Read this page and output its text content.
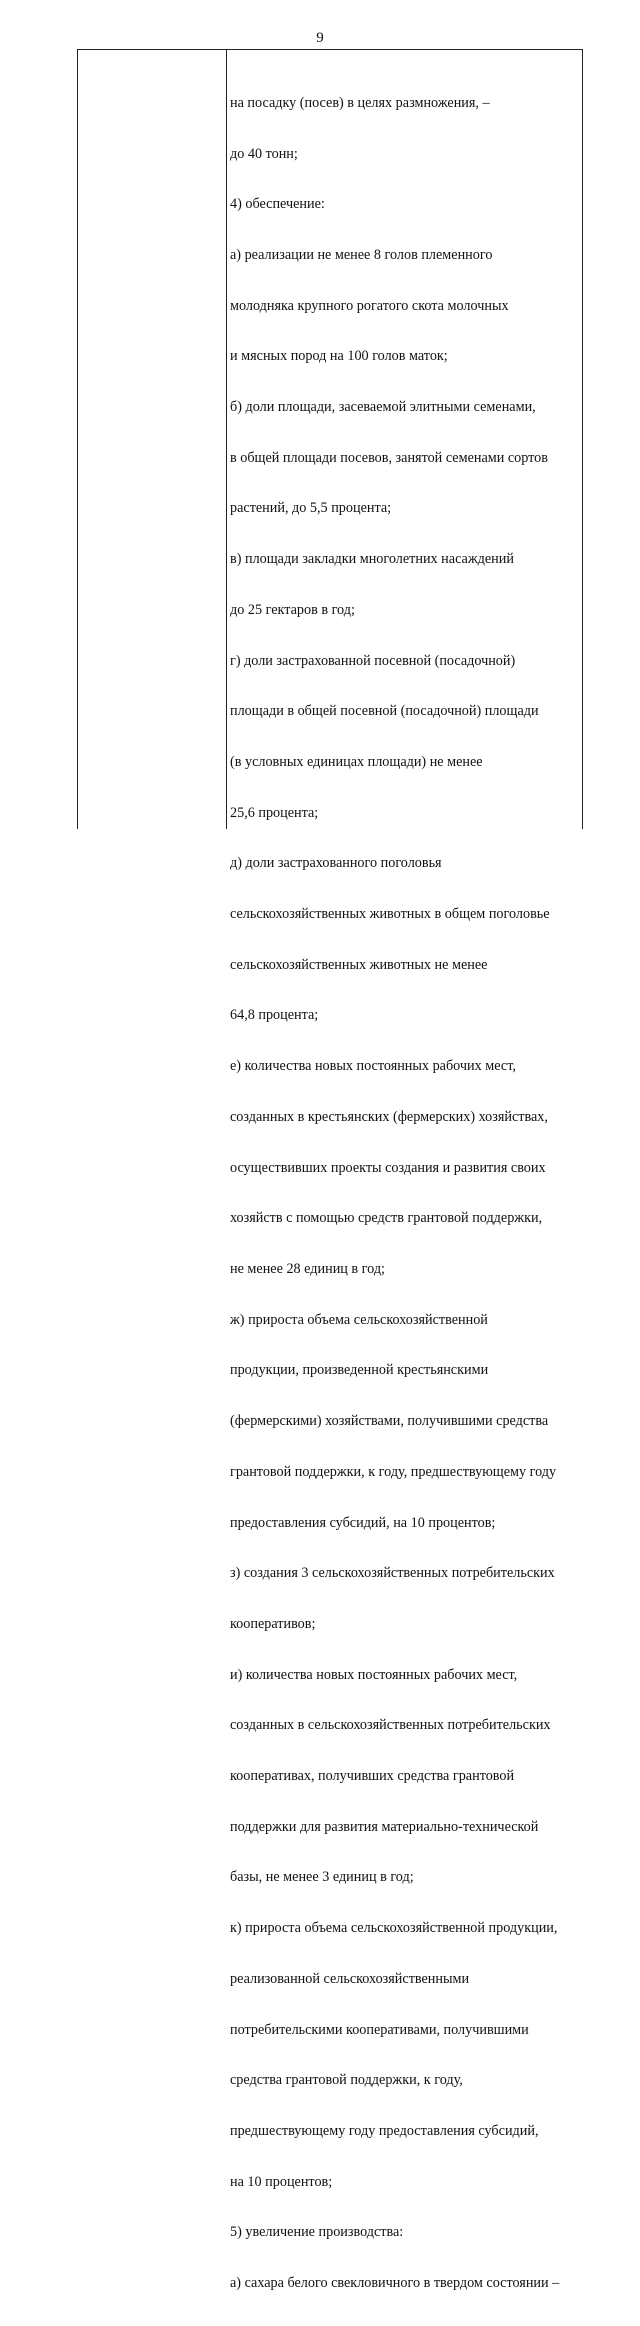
9

на посадку (посев) в целях размножения, –

до 40 тонн;

4) обеспечение:

а) реализации не менее 8 голов племенного

молодняка крупного рогатого скота молочных

и мясных пород на 100 голов маток;

б) доли площади, засеваемой элитными семенами,

в общей площади посевов, занятой семенами сортов

растений, до 5,5 процента;

в) площади закладки многолетних насаждений

до 25 гектаров в год;

г) доли застрахованной посевной (посадочной)

площади в общей посевной (посадочной) площади

(в условных единицах площади) не менее

25,6 процента;

д) доли застрахованного поголовья

сельскохозяйственных животных в общем поголовье

сельскохозяйственных животных не менее

64,8 процента;

е) количества новых постоянных рабочих мест,

созданных в крестьянских (фермерских) хозяйствах,

осуществивших проекты создания и развития своих

хозяйств с помощью средств грантовой поддержки,

не менее 28 единиц в год;

ж) прироста объема сельскохозяйственной

продукции, произведенной крестьянскими

(фермерскими) хозяйствами, получившими средства

грантовой поддержки, к году, предшествующему году

предоставления субсидий, на 10 процентов;

з) создания 3 сельскохозяйственных потребительских

кооперативов;

и) количества новых постоянных рабочих мест,

созданных в сельскохозяйственных потребительских

кооперативах, получивших средства грантовой

поддержки для развития материально-технической

базы, не менее 3 единиц в год;

к) прироста объема сельскохозяйственной продукции,

реализованной сельскохозяйственными

потребительскими кооперативами, получившими

средства грантовой поддержки, к году,

предшествующему году предоставления субсидий,

на 10 процентов;

5) увеличение производства:

а) сахара белого свекловичного в твердом состоянии –
